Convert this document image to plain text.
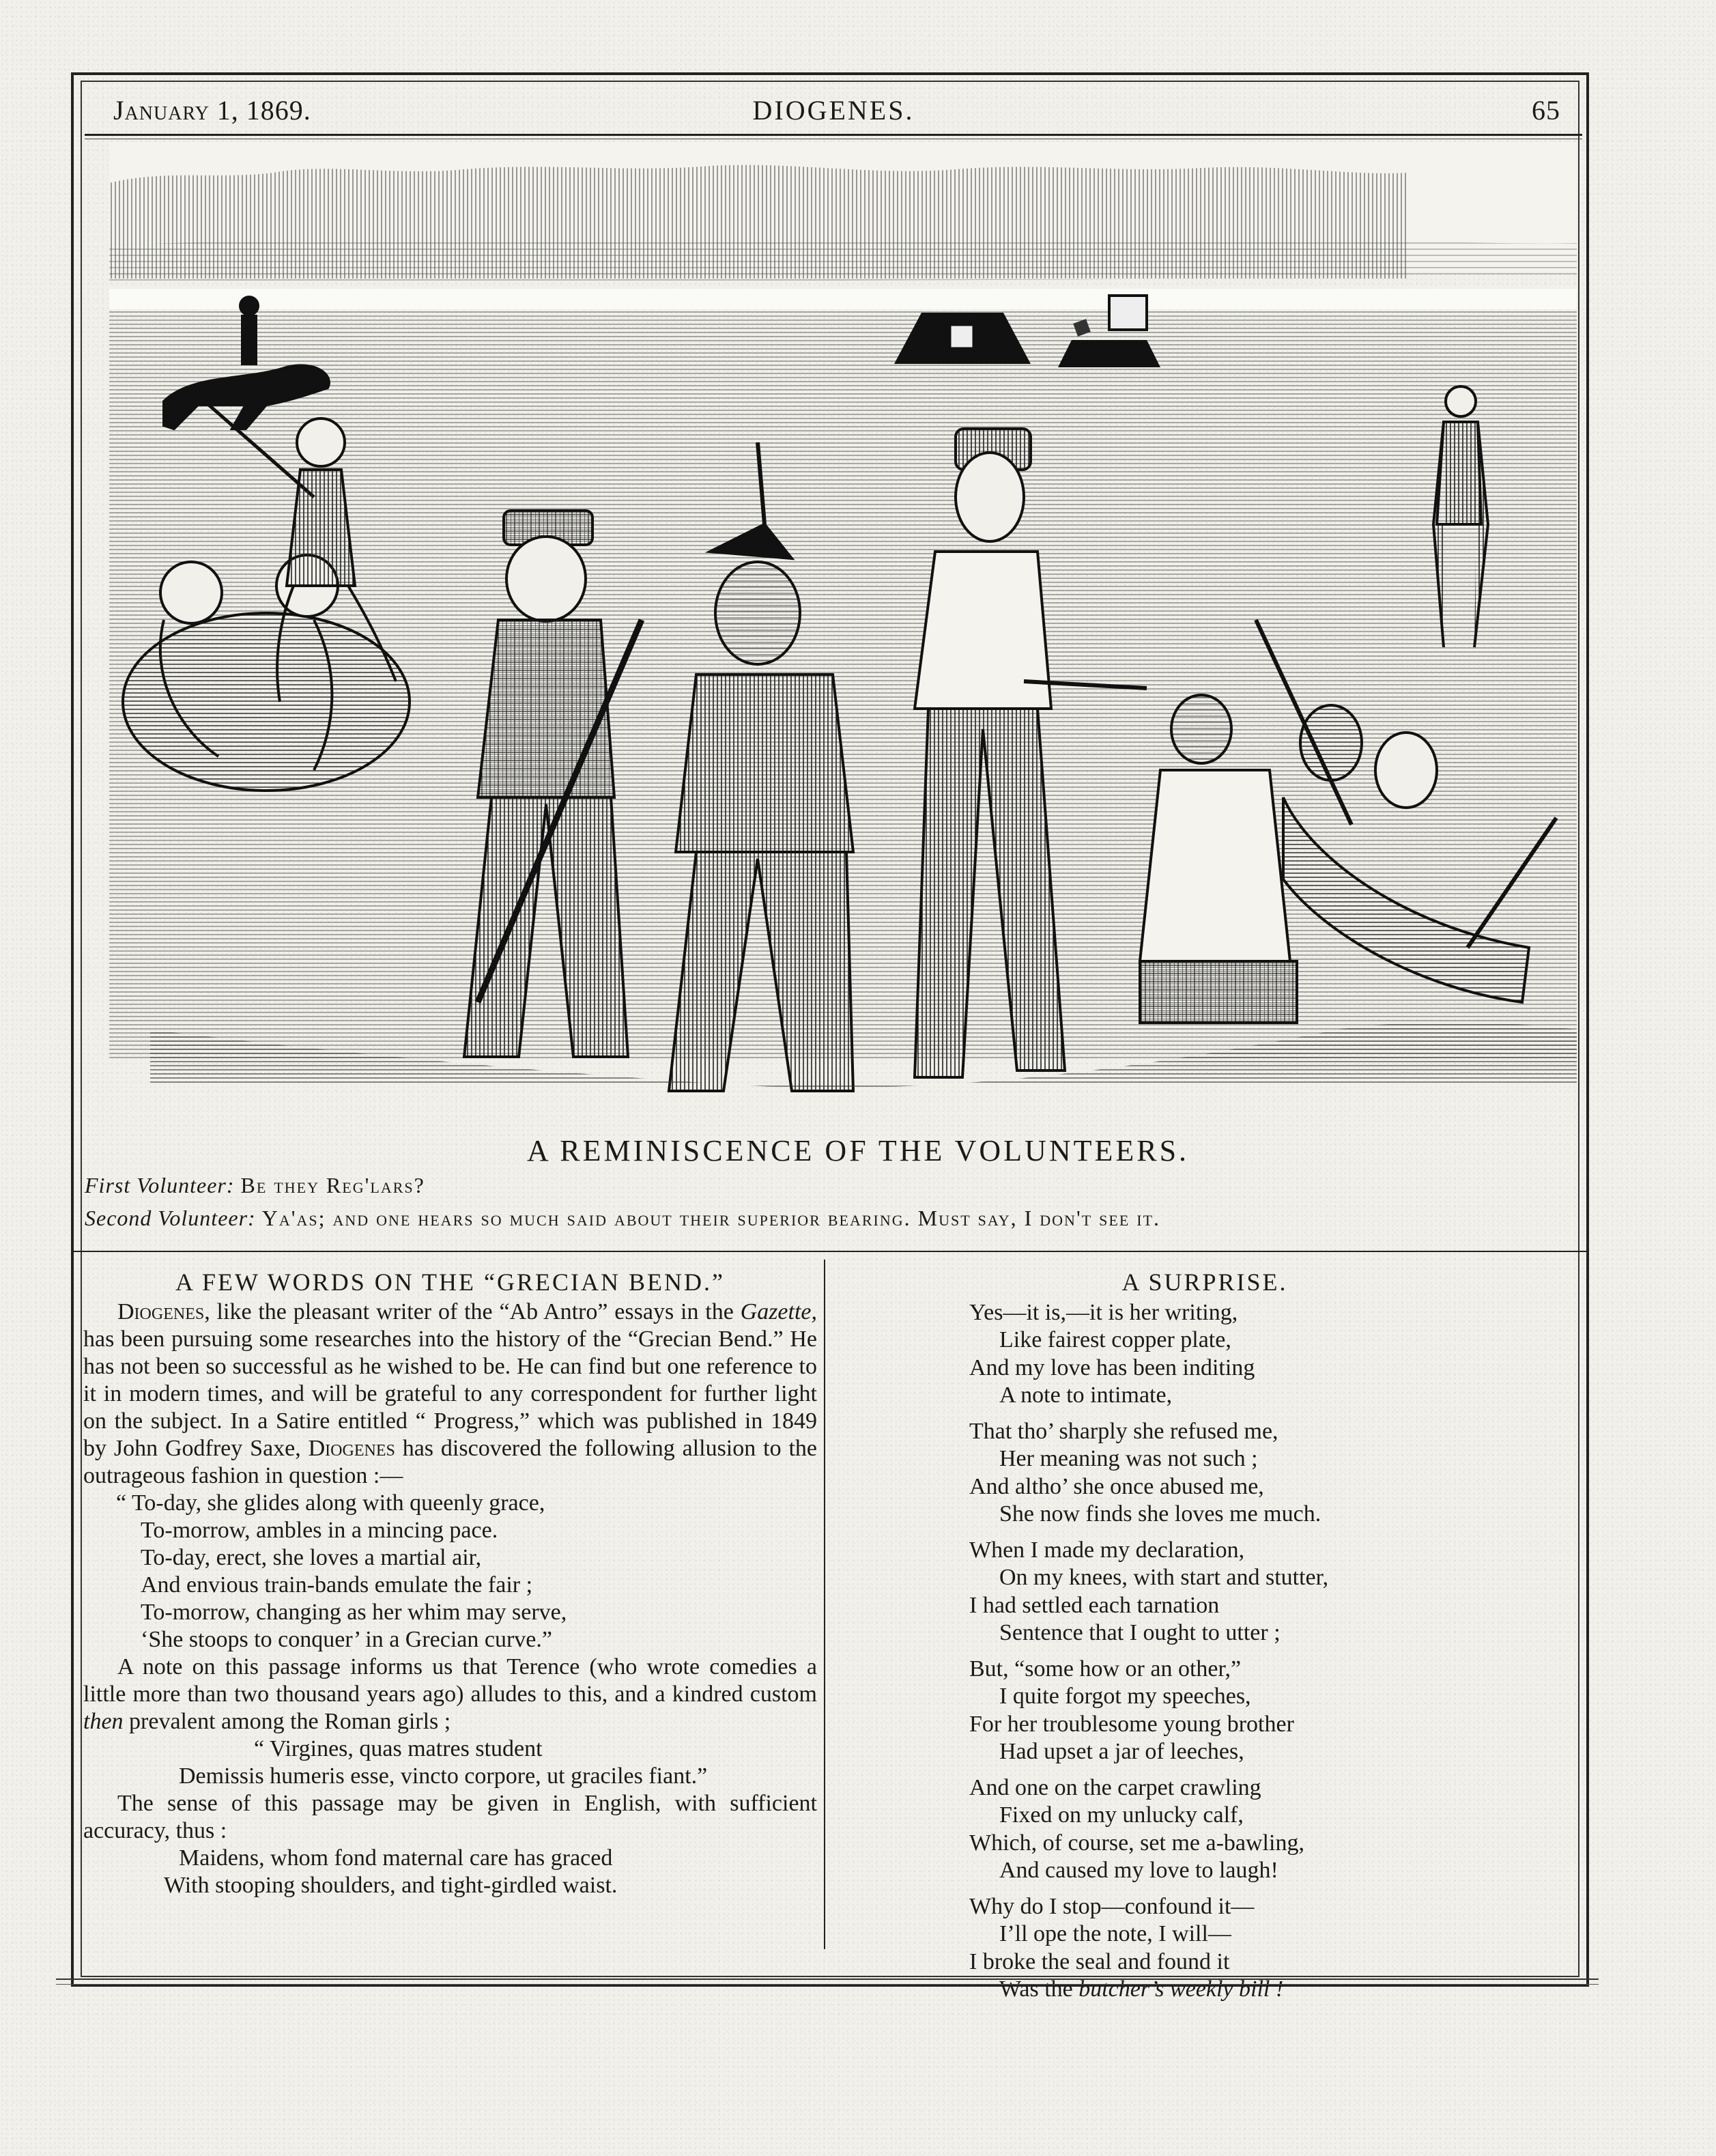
January 1, 1869.	DIOGENES.	65
A REMINISCENCE OF THE VOLUNTEERS.
First Volunteer: Be they Reg'lars?
Second Volunteer: Ya'as; and one hears so much said about their superior bearing. Must say, I don't see it.
A FEW WORDS ON THE “GRECIAN BEND.”

Diogenes, like the pleasant writer of the “Ab Antro” essays in the Gazette, has been pursuing some researches into the history of the “Grecian Bend.” He has not been so successful as he wished to be. He can find but one reference to it in modern times, and will be grateful to any correspondent for further light on the subject. In a Satire entitled “ Progress,” which was published in 1849 by John Godfrey Saxe, Diogenes has discovered the following allusion to the outrageous fashion in question :—

“ To-day, she glides along with queenly grace,
To-morrow, ambles in a mincing pace.
To-day, erect, she loves a martial air,
And envious train-bands emulate the fair ;
To-morrow, changing as her whim may serve,
‘She stoops to conquer’ in a Grecian curve.”

A note on this passage informs us that Terence (who wrote comedies a little more than two thousand years ago) alludes to this, and a kindred custom then prevalent among the Roman girls ;

“ Virgines, quas matres student
Demissis humeris esse, vincto corpore, ut graciles fiant.”

The sense of this passage may be given in English, with sufficient accuracy, thus :

Maidens, whom fond maternal care has graced
With stooping shoulders, and tight-girdled waist.
A SURPRISE.
Yes—it is,—it is her writing,
Like fairest copper plate,
And my love has been inditing
A note to intimate,
That tho’ sharply she refused me,
Her meaning was not such ;
And altho’ she once abused me,
She now finds she loves me much.
When I made my declaration,
On my knees, with start and stutter,
I had settled each tarnation
Sentence that I ought to utter ;
But, “some how or an other,”
I quite forgot my speeches,
For her troublesome young brother
Had upset a jar of leeches,
And one on the carpet crawling
Fixed on my unlucky calf,
Which, of course, set me a-bawling,
And caused my love to laugh!
Why do I stop—confound it—
I’ll ope the note, I will—
I broke the seal and found it
Was the butcher’s weekly bill !
